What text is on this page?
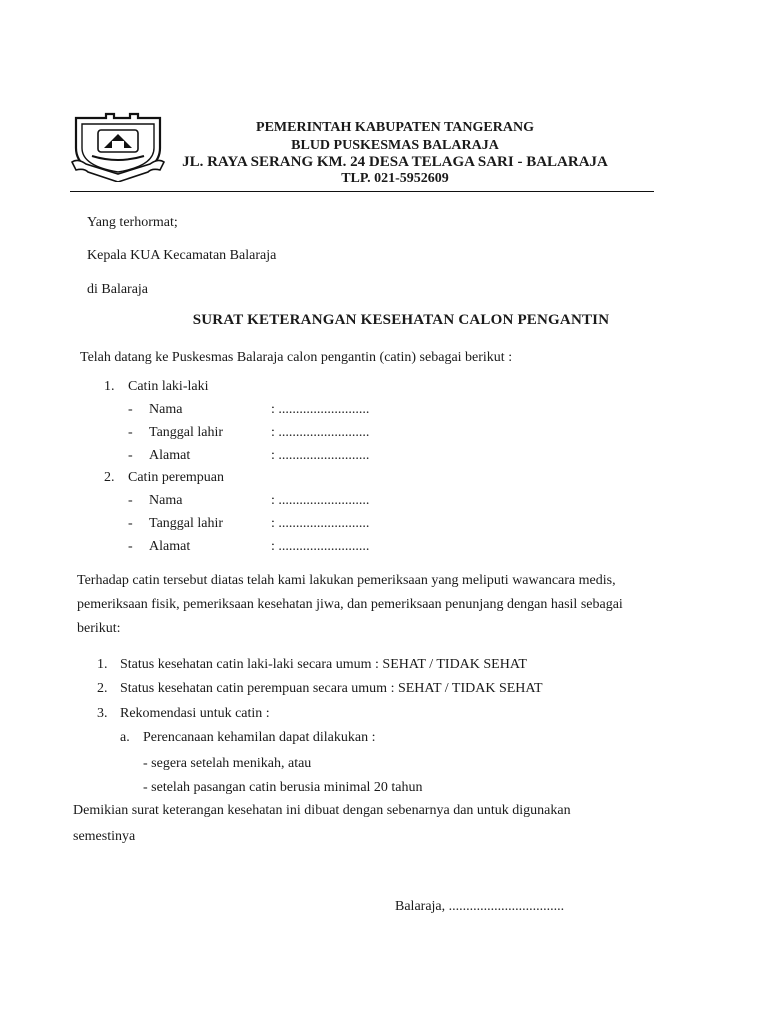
PEMERINTAH KABUPATEN TANGERANG
BLUD PUSKESMAS BALARAJA
JL. RAYA SERANG KM. 24 DESA TELAGA SARI - BALARAJA
TLP. 021-5952609
Yang terhormat;
Kepala KUA Kecamatan Balaraja
di Balaraja
SURAT KETERANGAN KESEHATAN CALON PENGANTIN
Telah datang ke Puskesmas Balaraja calon pengantin (catin) sebagai berikut :
1. Catin laki-laki
- Nama	: ..........................
- Tanggal lahir	: ..........................
- Alamat	: ..........................
2. Catin perempuan
- Nama	: ..........................
- Tanggal lahir	: ..........................
- Alamat	: ..........................
Terhadap catin tersebut diatas telah kami lakukan pemeriksaan yang meliputi wawancara medis,
pemeriksaan fisik, pemeriksaan kesehatan jiwa, dan pemeriksaan penunjang dengan hasil sebagai
berikut:
1. Status kesehatan catin laki-laki secara umum : SEHAT / TIDAK SEHAT
2. Status kesehatan catin perempuan secara umum : SEHAT / TIDAK SEHAT
3. Rekomendasi untuk catin :
a. Perencanaan kehamilan dapat dilakukan :
- segera setelah menikah, atau
- setelah pasangan catin berusia minimal 20 tahun
Demikian surat keterangan kesehatan ini dibuat dengan sebenarnya dan untuk digunakan
semestinya
Balaraja, .................................
